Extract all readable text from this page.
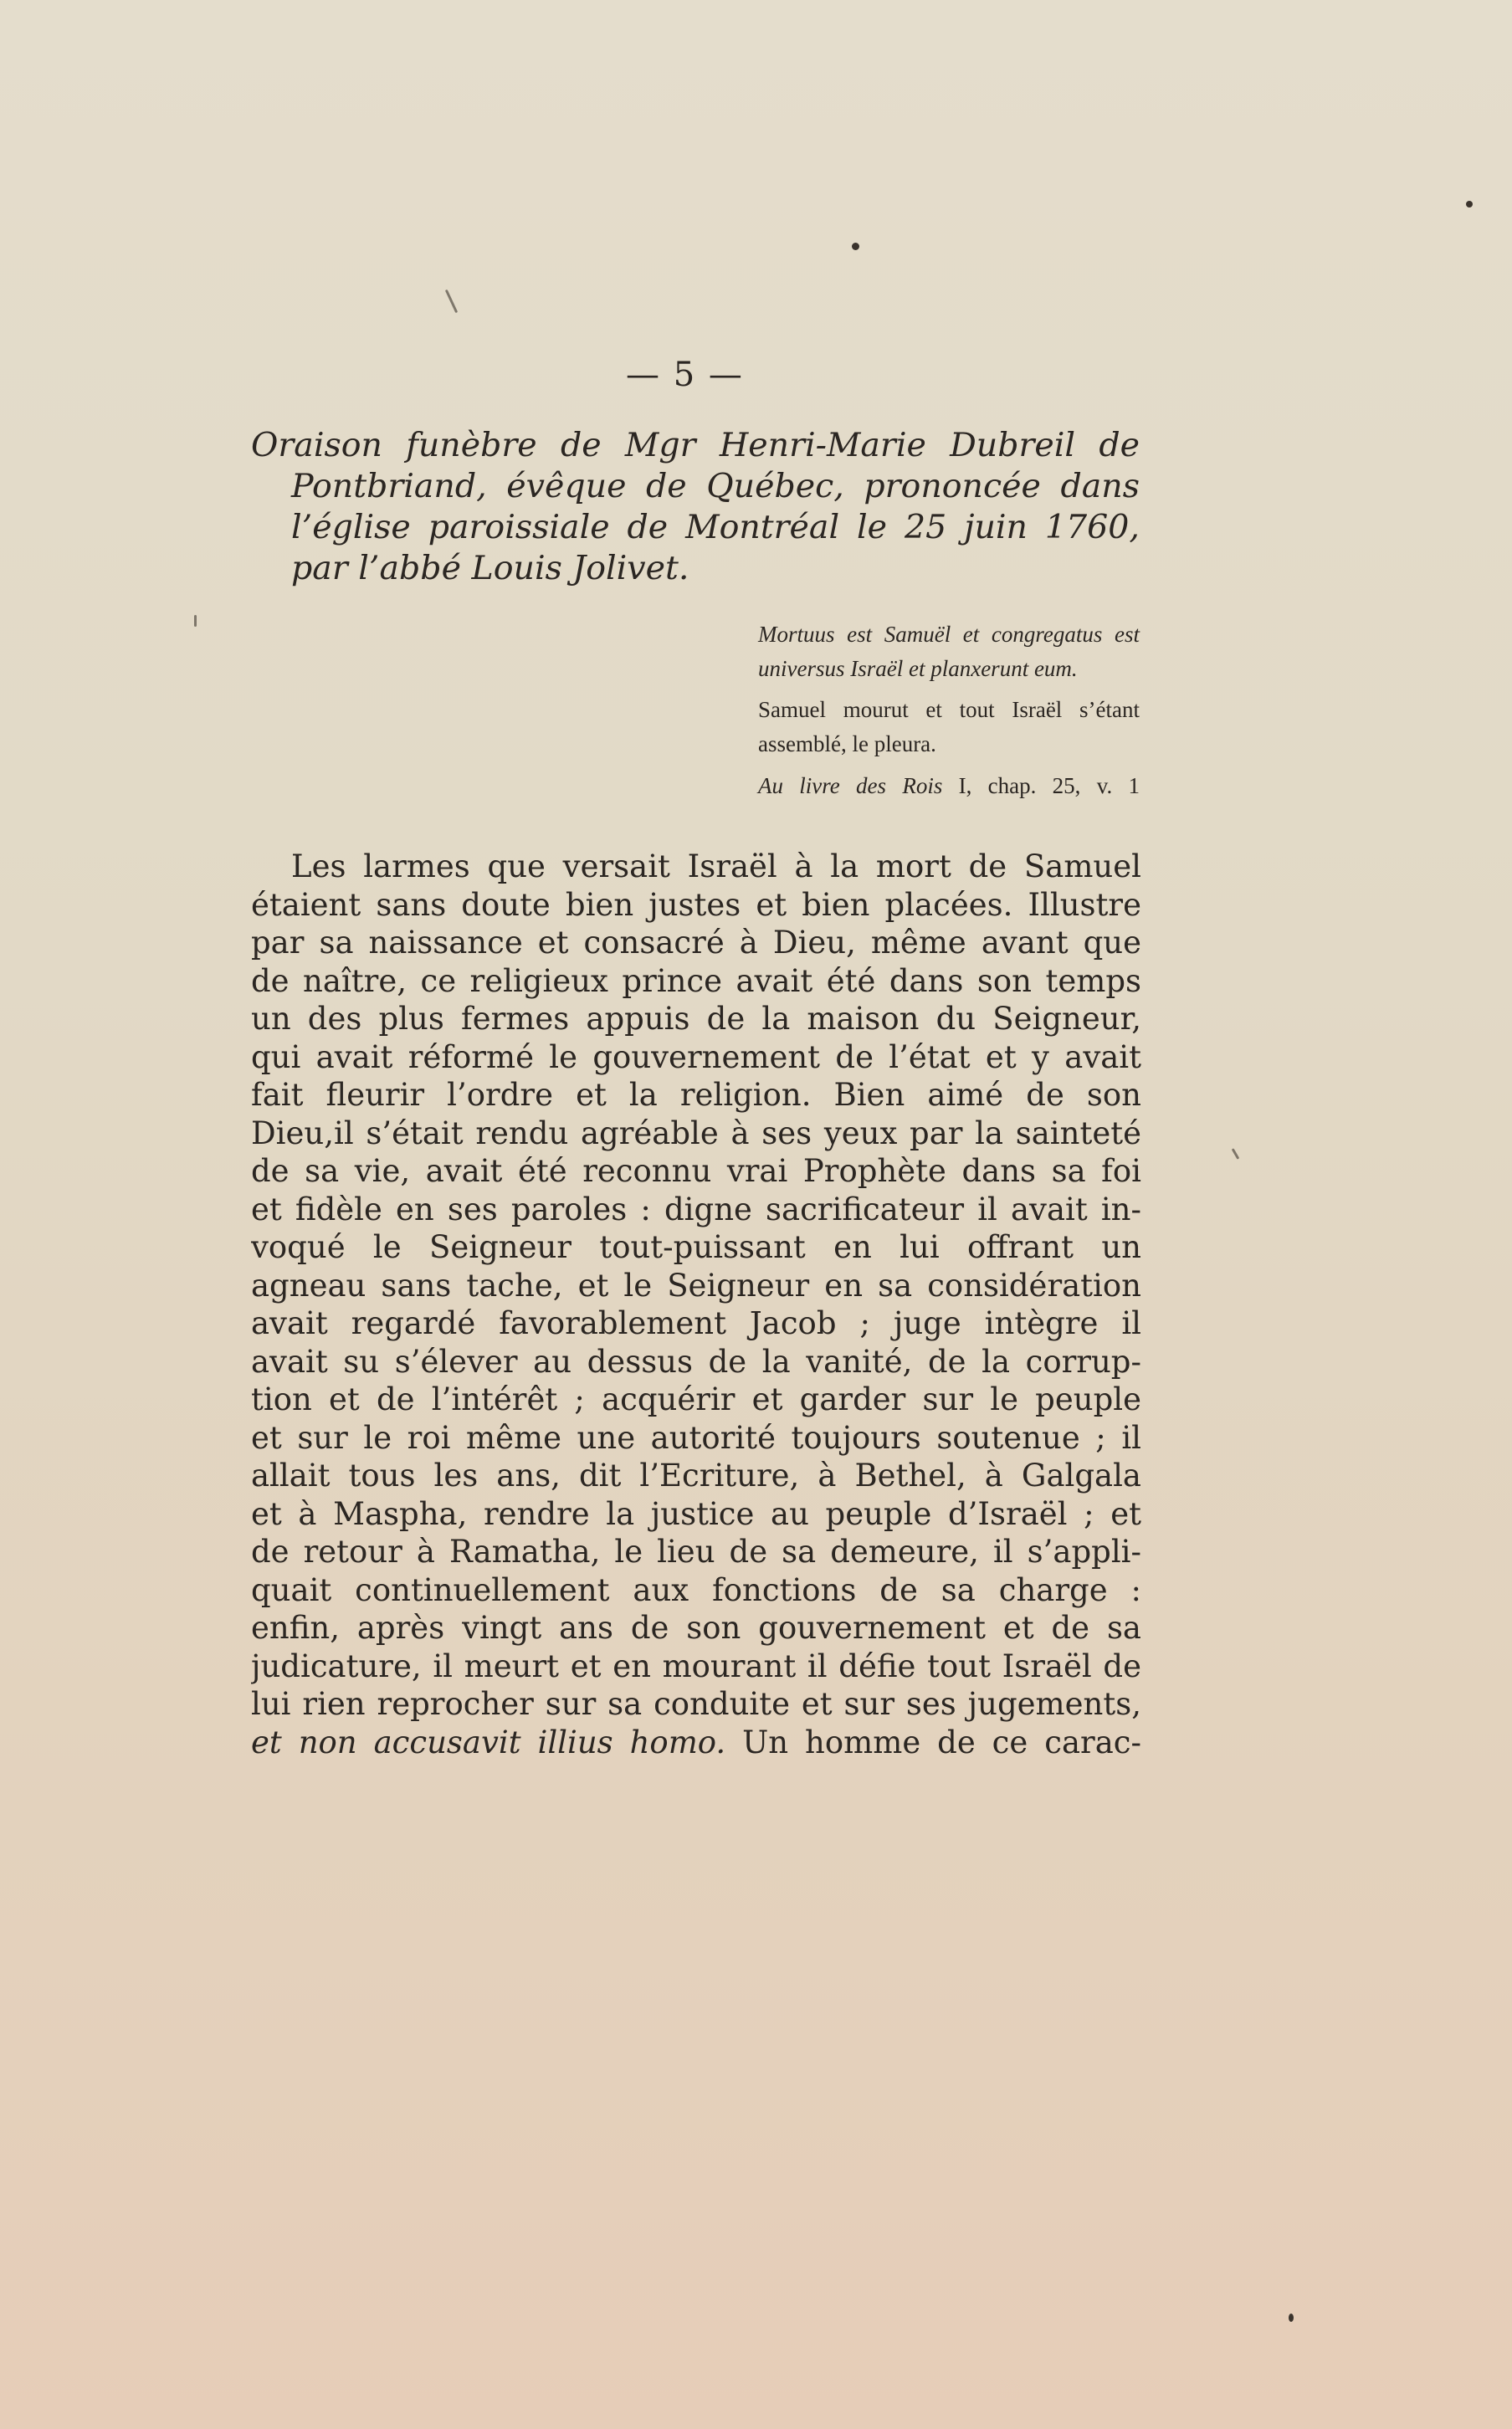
— 5 —
Oraison funèbre de Mgr Henri-Marie Dubreil de Pontbriand, évêque de Québec, prononcée dans l’église paroissiale de Montréal le 25 juin 1760, par l’abbé Louis Jolivet.
Mortuus est Samuël et congregatus est universus Israël et planxerunt eum.
Samuel mourut et tout Israël s’étant assemblé, le pleura.
Au livre des Rois I, chap. 25, v. 1
Les larmes que versait Israël à la mort de Samuel
étaient sans doute bien justes et bien placées. Illustre
par sa naissance et consacré à Dieu, même avant que
de naître, ce religieux prince avait été dans son temps
un des plus fermes appuis de la maison du Seigneur,
qui avait réformé le gouvernement de l’état et y avait
fait fleurir l’ordre et la religion. Bien aimé de son
Dieu,il s’était rendu agréable à ses yeux par la sainteté
de sa vie, avait été reconnu vrai Prophète dans sa foi
et fidèle en ses paroles : digne sacrificateur il avait in-
voqué le Seigneur tout-puissant en lui offrant un
agneau sans tache, et le Seigneur en sa considération
avait regardé favorablement Jacob ; juge intègre il
avait su s’élever au dessus de la vanité, de la corrup-
tion et de l’intérêt ; acquérir et garder sur le peuple
et sur le roi même une autorité toujours soutenue ; il
allait tous les ans, dit l’Ecriture, à Bethel, à Galgala
et à Maspha, rendre la justice au peuple d’Israël ; et
de retour à Ramatha, le lieu de sa demeure, il s’appli-
quait continuellement aux fonctions de sa charge :
enfin, après vingt ans de son gouvernement et de sa
judicature, il meurt et en mourant il défie tout Israël de
lui rien reprocher sur sa conduite et sur ses jugements,
et non accusavit illius homo. Un homme de ce carac-
